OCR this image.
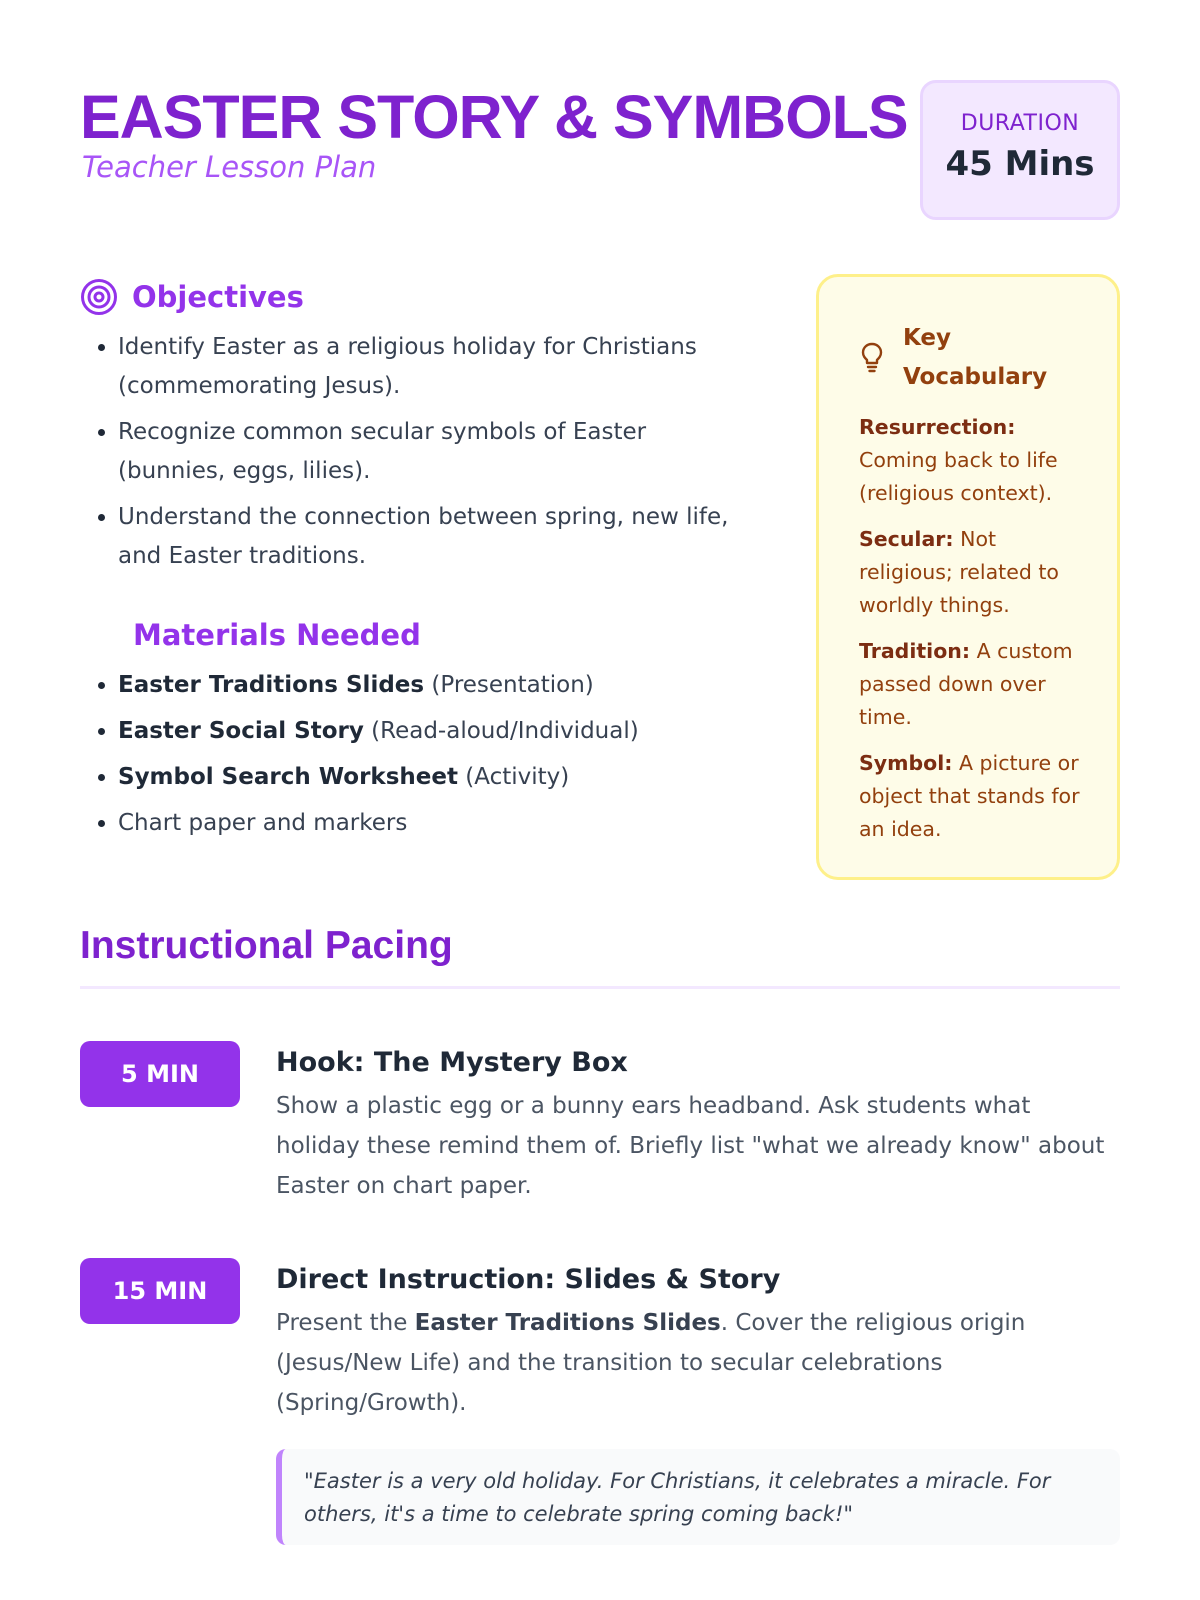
EASTER STORY & SYMBOLS
Teacher Lesson Plan
DURATION
45 Mins
Objectives
• Identify Easter as a religious holiday for Christians (commemorating Jesus).
• Recognize common secular symbols of Easter (bunnies, eggs, lilies).
• Understand the connection between spring, new life, and Easter traditions.
Materials Needed
• Easter Traditions Slides (Presentation)
• Easter Social Story (Read-aloud/Individual)
• Symbol Search Worksheet (Activity)
• Chart paper and markers
Key Vocabulary
Resurrection:
Coming back to life (religious context).
Secular: Not religious; related to worldly things.
Tradition: A custom passed down over time.
Symbol: A picture or object that stands for an idea.
Instructional Pacing
5 MIN	Hook: The Mystery Box
Show a plastic egg or a bunny ears headband. Ask students what holiday these remind them of. Briefly list "what we already know" about Easter on chart paper.
15 MIN	Direct Instruction: Slides & Story
Present the Easter Traditions Slides. Cover the religious origin (Jesus/New Life) and the transition to secular celebrations (Spring/Growth).
"Easter is a very old holiday. For Christians, it celebrates a miracle. For others, it's a time to celebrate spring coming back!"
